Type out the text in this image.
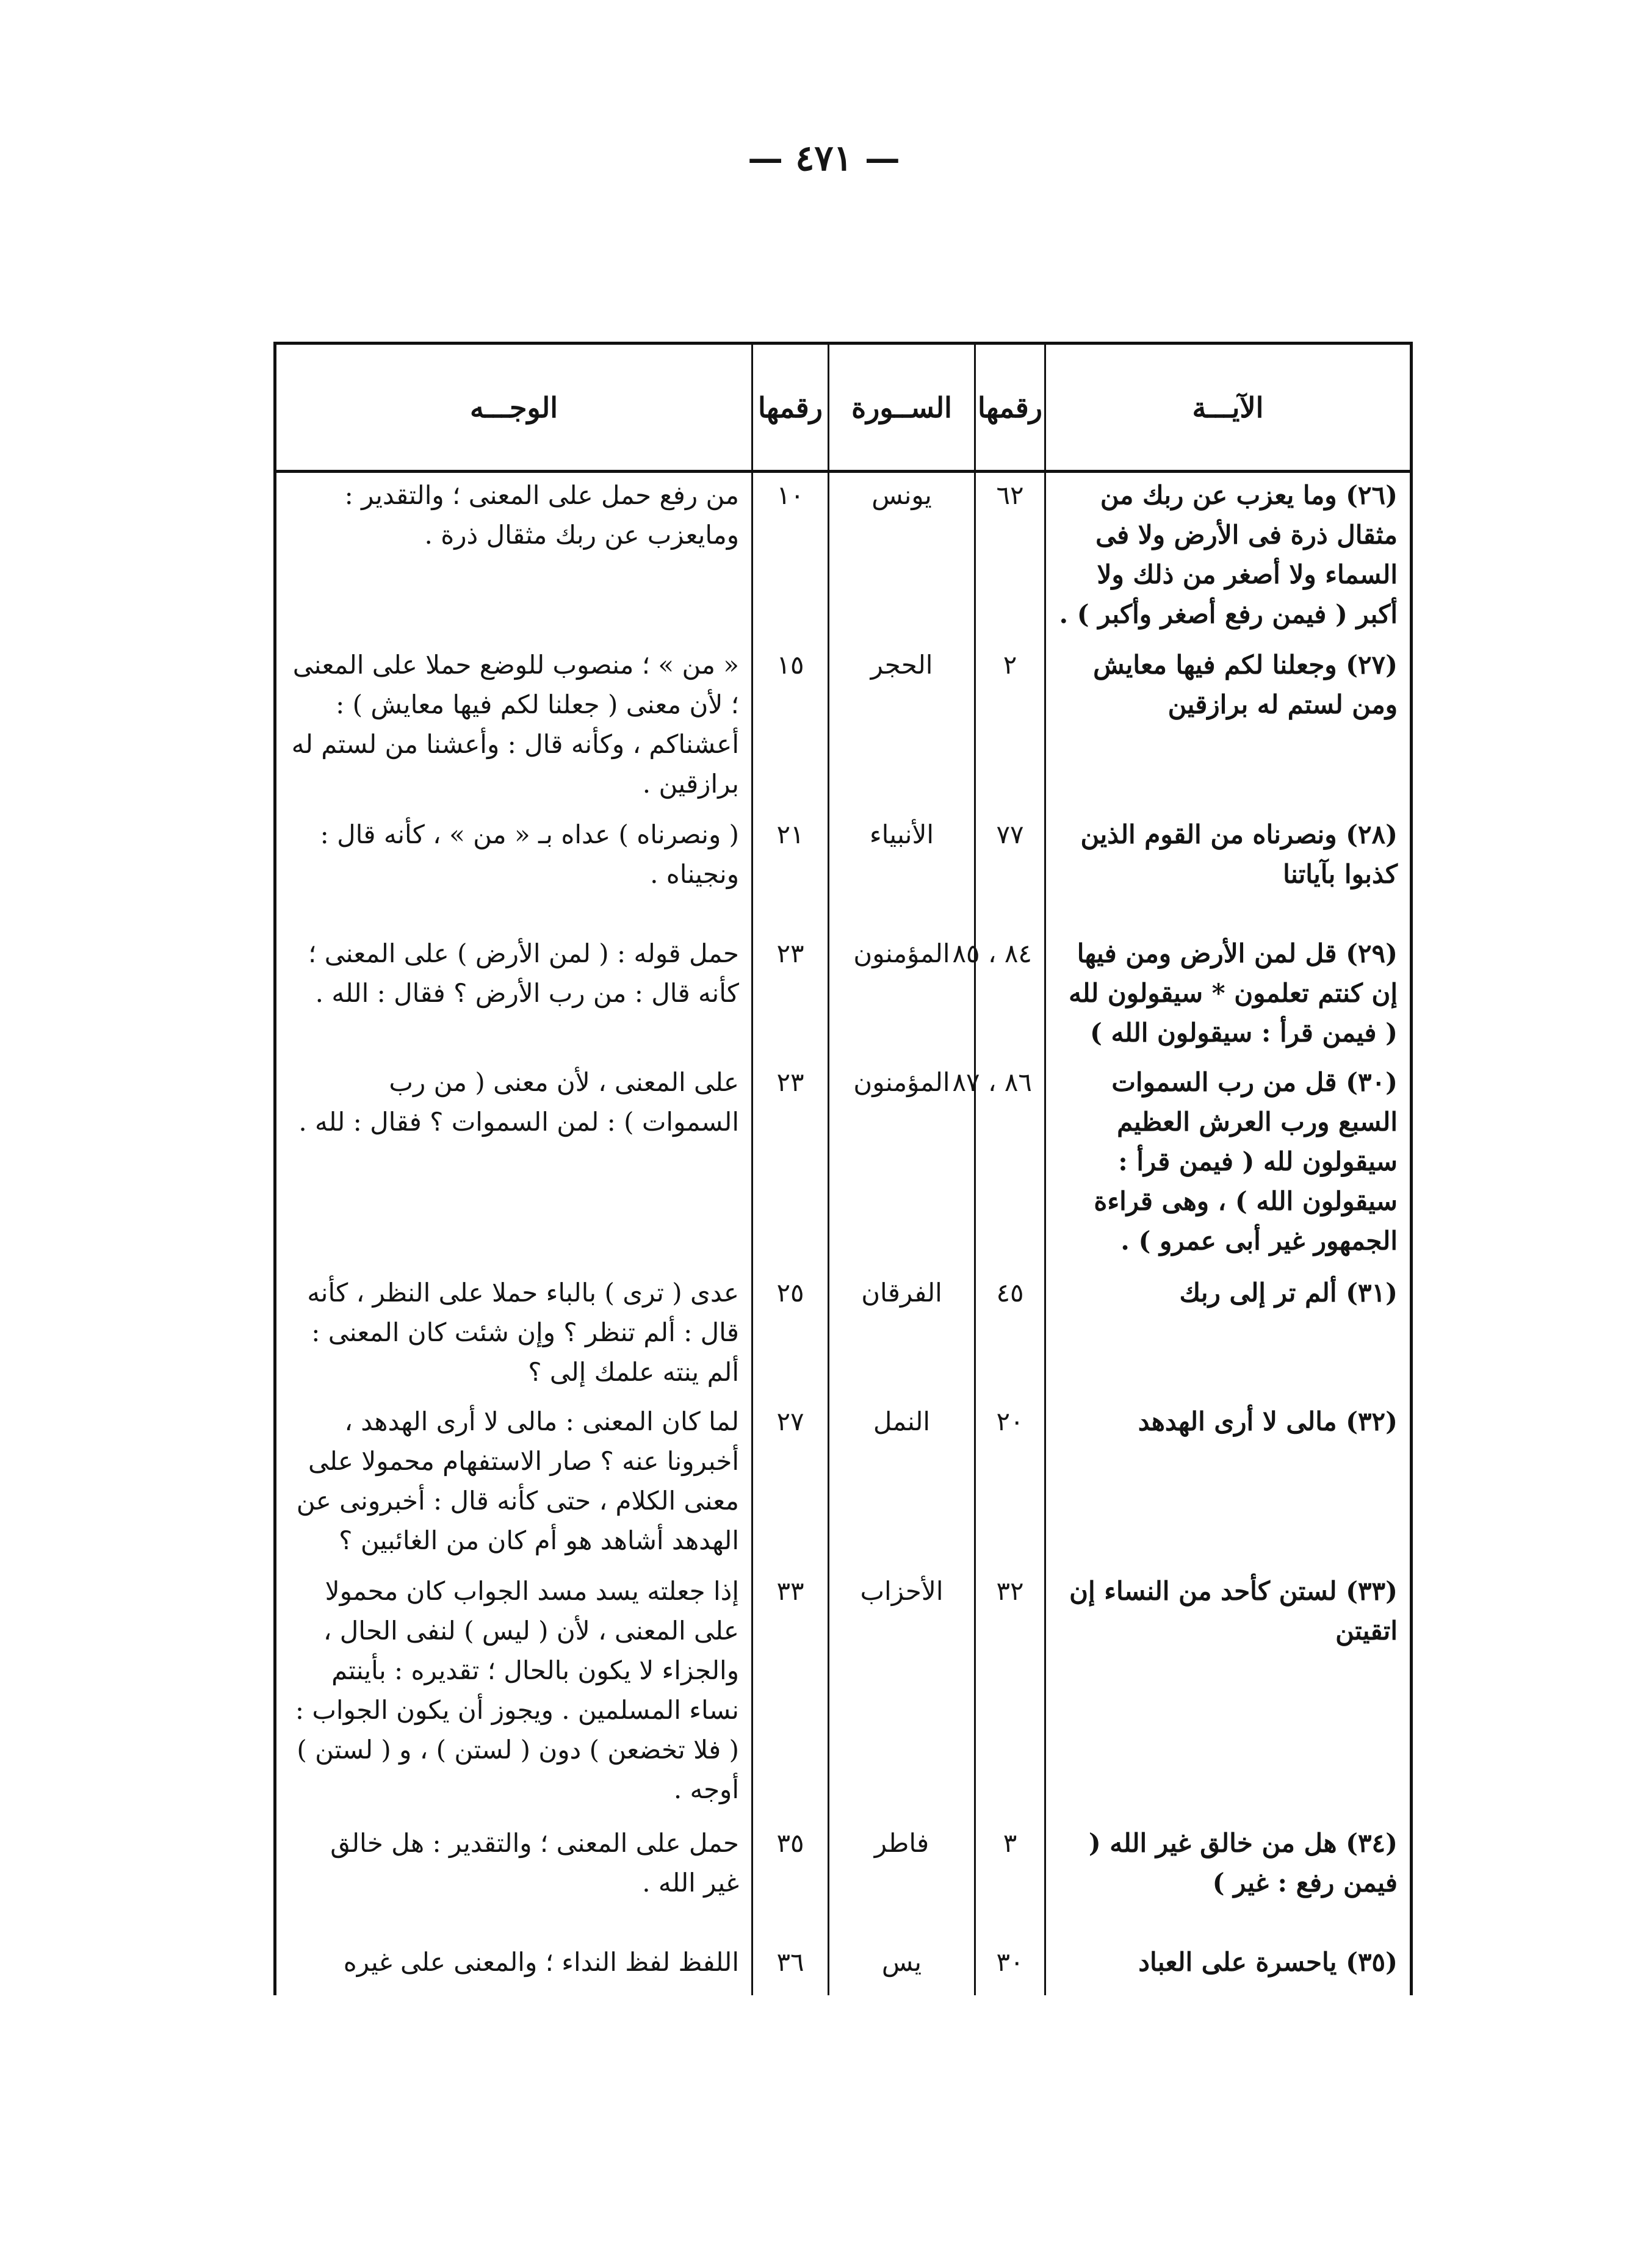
— ٤٧١ —
الآيـــة	رقمها	الســورة	رقمها	الوجـــه
(٢٦) وما يعزب عن ربك من مثقال ذرة فى الأرض ولا فى السماء ولا أصغر من ذلك ولا أكبر ( فيمن رفع أصغر وأكبر ) .	٦٢	يونس	١٠	من رفع حمل على المعنى ؛ والتقدير : ومايعزب عن ربك مثقال ذرة .
(٢٧) وجعلنا لكم فيها معايش ومن لستم له برازقين	٢	الحجر	١٥	« من » ؛ منصوب للوضع حملا على المعنى ؛ لأن معنى ( جعلنا لكم فيها معايش ) : أعشناكم ، وكأنه قال : وأعشنا من لستم له برازقين .
(٢٨) ونصرناه من القوم الذين كذبوا بآياتنا	٧٧	الأنبياء	٢١	( ونصرناه ) عداه بـ « من » ، كأنه قال : ونجيناه .
(٢٩) قل لمن الأرض ومن فيها إن كنتم تعلمون * سيقولون لله ( فيمن قرأ : سيقولون الله )	٨٤ ، ٨٥	المؤمنون	٢٣	حمل قوله : ( لمن الأرض ) على المعنى ؛ كأنه قال : من رب الأرض ؟ فقال : الله .
(٣٠) قل من رب السموات السبع ورب العرش العظيم سيقولون لله ( فيمن قرأ : سيقولون الله ) ، وهى قراءة الجمهور غير أبى عمرو ) .	٨٦ ، ٨٧	المؤمنون	٢٣	على المعنى ، لأن معنى ( من رب السموات ) : لمن السموات ؟ فقال : لله .
(٣١) ألم تر إلى ربك	٤٥	الفرقان	٢٥	عدى ( ترى ) بالباء حملا على النظر ، كأنه قال : ألم تنظر ؟ وإن شئت كان المعنى : ألم ينته علمك إلى ؟
(٣٢) مالى لا أرى الهدهد	٢٠	النمل	٢٧	لما كان المعنى : مالى لا أرى الهدهد ، أخبرونا عنه ؟ صار الاستفهام محمولا على معنى الكلام ، حتى كأنه قال : أخبرونى عن الهدهد أشاهد هو أم كان من الغائبين ؟
(٣٣) لستن كأحد من النساء إن اتقيتن	٣٢	الأحزاب	٣٣	إذا جعلته يسد مسد الجواب كان محمولا على المعنى ، لأن ( ليس ) لنفى الحال ، والجزاء لا يكون بالحال ؛ تقديره : بأينتم نساء المسلمين . ويجوز أن يكون الجواب : ( فلا تخضعن ) دون ( لستن ) ، و ( لستن ) أوجه .
(٣٤) هل من خالق غير الله ( فيمن رفع : غير )	٣	فاطر	٣٥	حمل على المعنى ؛ والتقدير : هل خالق غير الله .
(٣٥) ياحسرة على العباد	٣٠	يس	٣٦	اللفظ لفظ النداء ؛ والمعنى على غيره
